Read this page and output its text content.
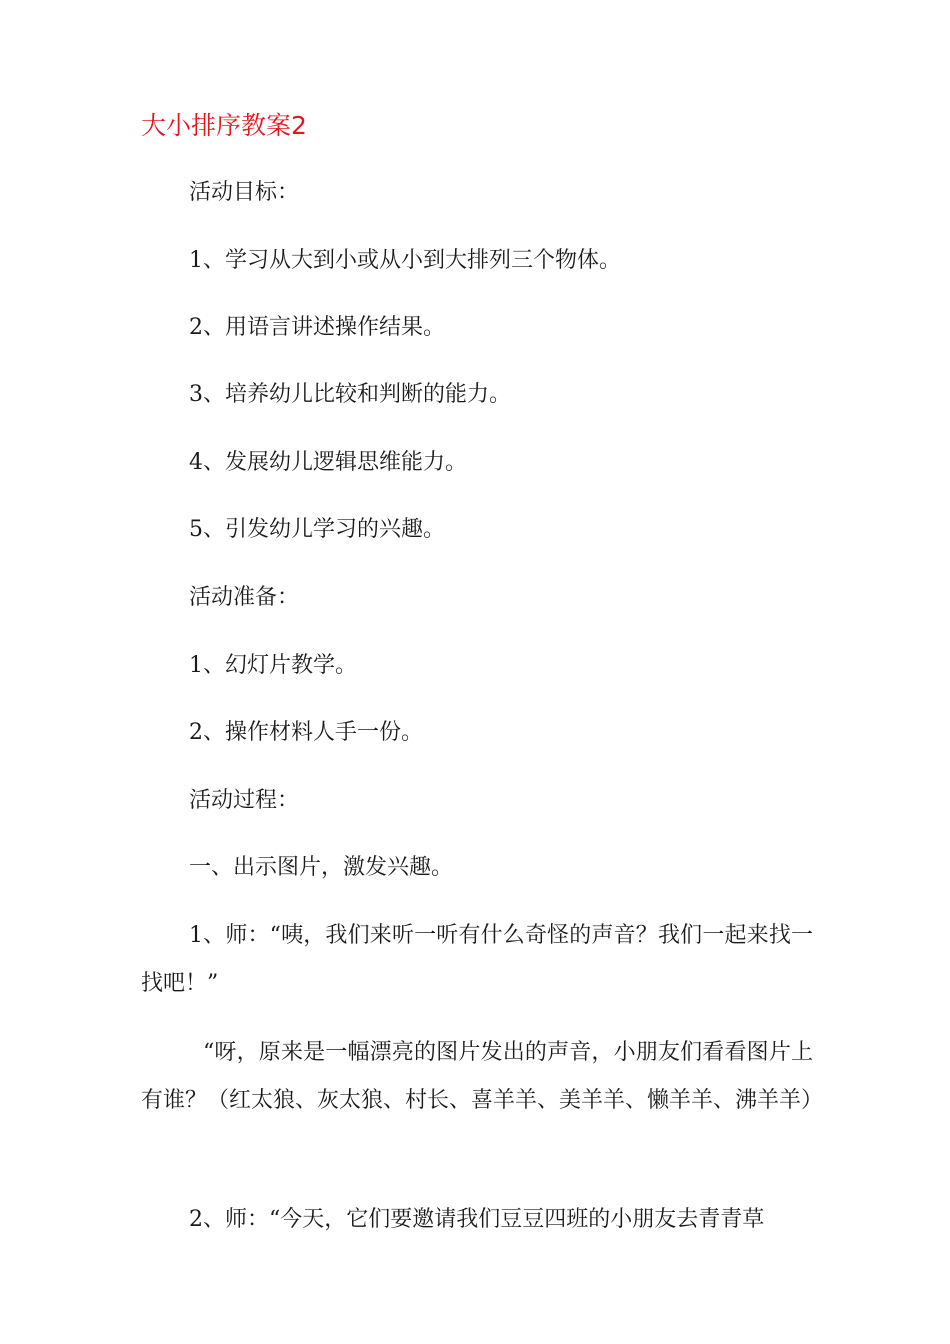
大小排序教案2
活动目标：
1、学习从大到小或从小到大排列三个物体。
2、用语言讲述操作结果。
3、培养幼儿比较和判断的能力。
4、发展幼儿逻辑思维能力。
5、引发幼儿学习的兴趣。
活动准备：
1、幻灯片教学。
2、操作材料人手一份。
活动过程：
一、出示图片，激发兴趣。
1、师：“咦，我们来听一听有什么奇怪的声音？我们一起来找一找吧！”
“呀，原来是一幅漂亮的图片发出的声音，小朋友们看看图片上有谁？（红太狼、灰太狼、村长、喜羊羊、美羊羊、懒羊羊、沸羊羊）
2、师：“今天，它们要邀请我们豆豆四班的小朋友去青青草
